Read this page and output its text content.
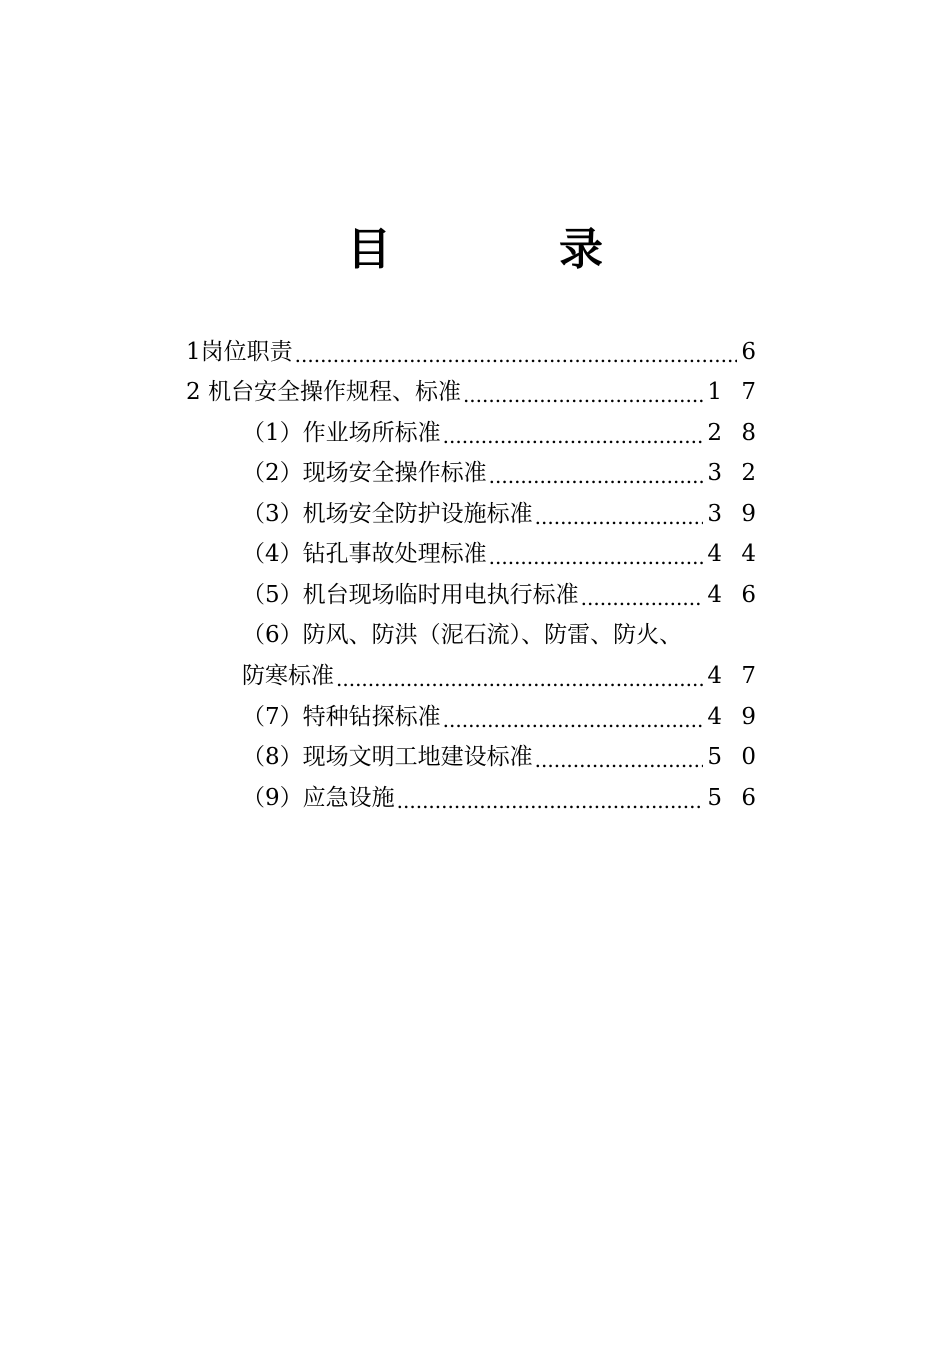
目　录
1岗位职责 .....	6
2 机台安全操作规程、标准 .....	1 7
（1）作业场所标准 .....	2 8
（2）现场安全操作标准 .....	3 2
（3）机场安全防护设施标准 .....	3 9
（4）钻孔事故处理标准 .....	4 4
（5）机台现场临时用电执行标准 .....	4 6
（6）防风、防洪（泥石流）、防雷、防火、
防寒标准 .....	4 7
（7）特种钻探标准 .....	4 9
（8）现场文明工地建设标准 .....	5 0
（9）应急设施 .....	5 6
